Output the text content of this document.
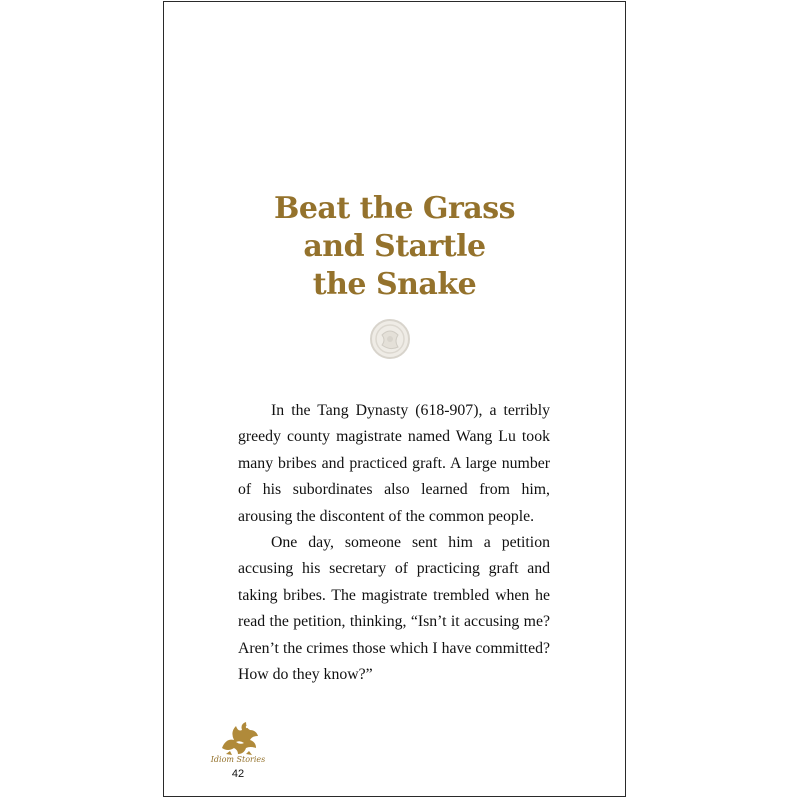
Beat the Grass
and Startle
the Snake

In the Tang Dynasty (618-907), a terribly greedy county magistrate named Wang Lu took many bribes and practiced graft. A large number of his subordinates also learned from him, arousing the discontent of the common people.

One day, someone sent him a petition accusing his secretary of practicing graft and taking bribes. The magistrate trembled when he read the petition, thinking, “Isn’t it accusing me? Aren’t the crimes those which I have committed? How do they know?”

Idiom Stories
42
